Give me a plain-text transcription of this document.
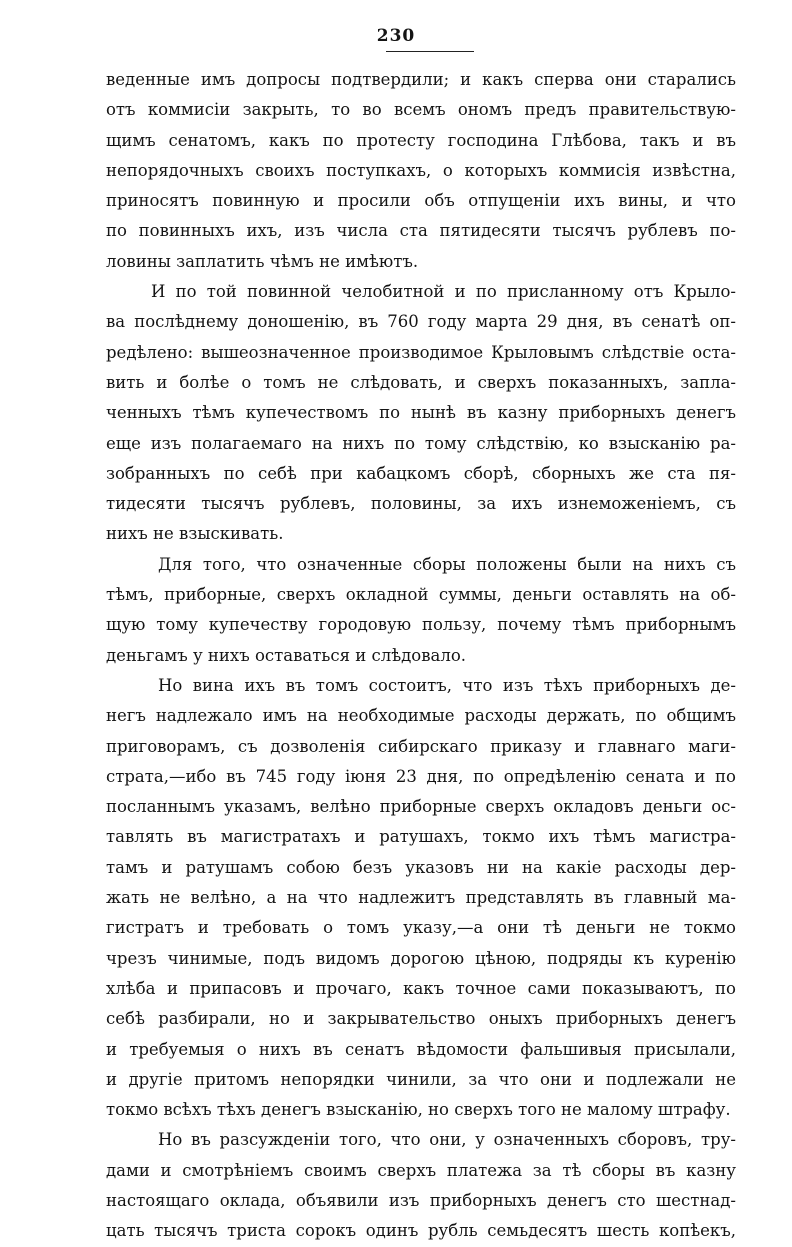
230
веденные имъ допросы подтвердили; и какъ сперва они старались
отъ коммисіи закрыть, то во всемъ ономъ предъ правительствую-
щимъ сенатомъ, какъ по протесту господина Глѣбова, такъ и въ
непорядочныхъ своихъ поступкахъ, о которыхъ коммисія извѣстна,
приносятъ повинную и просили объ отпущеніи ихъ вины, и что
по повинныхъ ихъ, изъ числа ста пятидесяти тысячъ рублевъ по-
ловины заплатить чѣмъ не имѣютъ.
И по той повинной челобитной и по присланному отъ Крыло-
ва послѣднему доношенію, въ 760 году марта 29 дня, въ сенатѣ оп-
редѣлено: вышеозначенное производимое Крыловымъ слѣдствіе оста-
вить и болѣе о томъ не слѣдовать, и сверхъ показанныхъ, запла-
ченныхъ тѣмъ купечествомъ по нынѣ въ казну приборныхъ денегъ
еще изъ полагаемаго на нихъ по тому слѣдствію, ко взысканію ра-
зобранныхъ по себѣ при кабацкомъ сборѣ, сборныхъ же ста пя-
тидесяти тысячъ рублевъ, половины, за ихъ изнеможеніемъ, съ
нихъ не взыскивать.
Для того, что означенные сборы положены были на нихъ съ
тѣмъ, приборные, сверхъ окладной суммы, деньги оставлять на об-
щую тому купечеству городовую пользу, почему тѣмъ приборнымъ
деньгамъ у нихъ оставаться и слѣдовало.
Но вина ихъ въ томъ состоитъ, что изъ тѣхъ приборныхъ де-
негъ надлежало имъ на необходимые расходы держать, по общимъ
приговорамъ, съ дозволенія сибирскаго приказу и главнаго маги-
страта,—ибо въ 745 году іюня 23 дня, по опредѣленію сената и по
посланнымъ указамъ, велѣно приборные сверхъ окладовъ деньги ос-
тавлять въ магистратахъ и ратушахъ, токмо ихъ тѣмъ магистра-
тамъ и ратушамъ собою безъ указовъ ни на какіе расходы дер-
жать не велѣно, а на что надлежитъ представлять въ главный ма-
гистратъ и требовать о томъ указу,—а они тѣ деньги не токмо
чрезъ чинимые, подъ видомъ дорогою цѣною, подряды къ куренію
хлѣба и припасовъ и прочаго, какъ точное сами показываютъ, по
себѣ разбирали, но и закрывательство оныхъ приборныхъ денегъ
и требуемыя о нихъ въ сенатъ вѣдомости фальшивыя присылали,
и другіе притомъ непорядки чинили, за что они и подлежали не
токмо всѣхъ тѣхъ денегъ взысканію, но сверхъ того не малому штрафу.
Но въ разсужденіи того, что они, у означенныхъ сборовъ, тру-
дами и смотрѣніемъ своимъ сверхъ платежа за тѣ сборы въ казну
настоящаго оклада, объявили изъ приборныхъ денегъ сто шестнад-
цать тысячъ триста сорокъ одинъ рубль семьдесятъ шесть копѣекъ,
